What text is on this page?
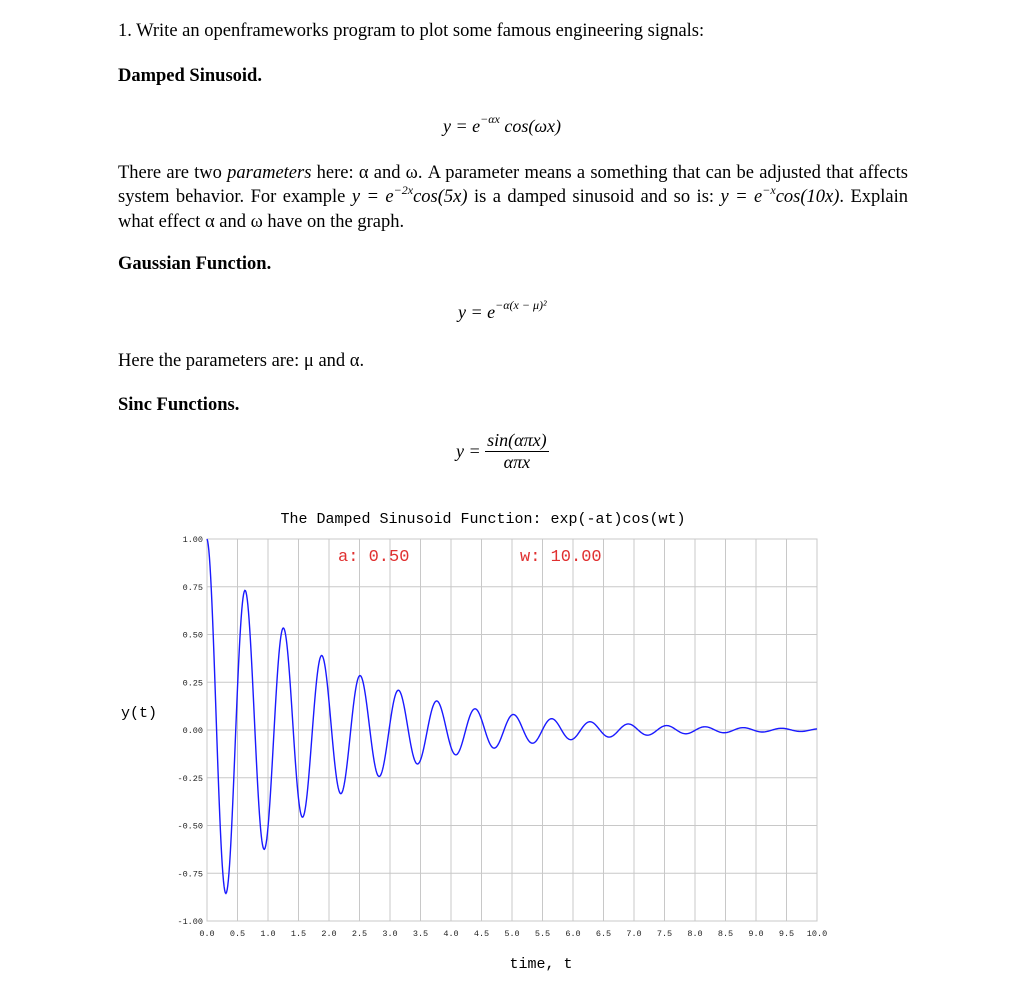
1. Write an openframeworks program to plot some famous engineering signals:
Damped Sinusoid.
$y = e^{-\alpha x}$ cos(ωx)
There are two parameters here: α and ω. A parameter means a something that can be adjusted that affects system behavior. For example $y = e^{-2x}\cos(5x)$ is a damped sinusoid and so is: $y = e^{-x}\cos(10x)$. Explain what effect α and ω have on the graph.
Gaussian Function.
$y = e^{-\alpha(x - \mu)^2}$
Here the parameters are: μ and α.
Sinc Functions.
$y = \frac{\text{sin(απx)}}{\text{απx}}$
0.0 0.5 1.0 1.5 2.0 2.5 3.0 3.5 4.0 4.5 5.0 5.5 6.0 6.5 7.0 7.5 8.0 8.5 9.0 9.5 10.0
1.00
0.75
0.50
0.25
0.00
-0.25
-0.50
-0.75
-1.00
The Damped Sinusoid Function: exp(-at)cos(wt)
a: 0.50	w: 10.00
y(t)
time, t
